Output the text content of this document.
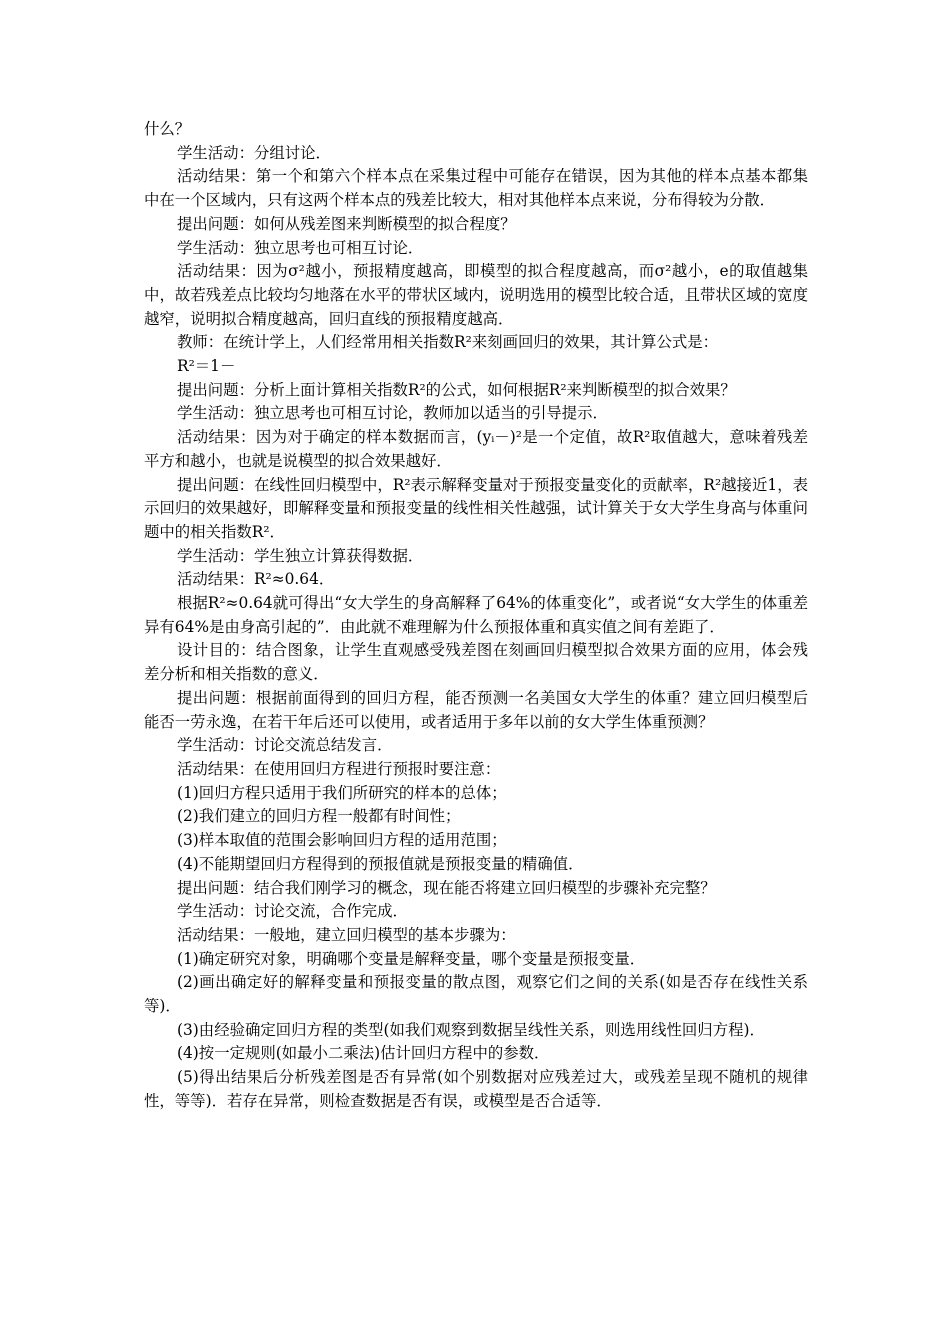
什么？

学生活动：分组讨论．

活动结果：第一个和第六个样本点在采集过程中可能存在错误，因为其他的样本点基本都集中在一个区域内，只有这两个样本点的残差比较大，相对其他样本点来说，分布得较为分散．

提出问题：如何从残差图来判断模型的拟合程度？

学生活动：独立思考也可相互讨论．

活动结果：因为σ²越小，预报精度越高，即模型的拟合程度越高，而σ²越小，e的取值越集中，故若残差点比较均匀地落在水平的带状区域内，说明选用的模型比较合适，且带状区域的宽度越窄，说明拟合精度越高，回归直线的预报精度越高．

教师：在统计学上，人们经常用相关指数R²来刻画回归的效果，其计算公式是：

R²＝1－

提出问题：分析上面计算相关指数R²的公式，如何根据R²来判断模型的拟合效果？

学生活动：独立思考也可相互讨论，教师加以适当的引导提示．

活动结果：因为对于确定的样本数据而言，(yᵢ－)²是一个定值，故R²取值越大，意味着残差平方和越小，也就是说模型的拟合效果越好．

提出问题：在线性回归模型中，R²表示解释变量对于预报变量变化的贡献率，R²越接近1，表示回归的效果越好，即解释变量和预报变量的线性相关性越强，试计算关于女大学生身高与体重问题中的相关指数R²．

学生活动：学生独立计算获得数据．

活动结果：R²≈0.64．

根据R²≈0.64就可得出“女大学生的身高解释了64%的体重变化”，或者说“女大学生的体重差异有64%是由身高引起的”．由此就不难理解为什么预报体重和真实值之间有差距了．

设计目的：结合图象，让学生直观感受残差图在刻画回归模型拟合效果方面的应用，体会残差分析和相关指数的意义．

提出问题：根据前面得到的回归方程，能否预测一名美国女大学生的体重？建立回归模型后能否一劳永逸，在若干年后还可以使用，或者适用于多年以前的女大学生体重预测？

学生活动：讨论交流总结发言．

活动结果：在使用回归方程进行预报时要注意：

(1)回归方程只适用于我们所研究的样本的总体；

(2)我们建立的回归方程一般都有时间性；

(3)样本取值的范围会影响回归方程的适用范围；

(4)不能期望回归方程得到的预报值就是预报变量的精确值．

提出问题：结合我们刚学习的概念，现在能否将建立回归模型的步骤补充完整？

学生活动：讨论交流，合作完成．

活动结果：一般地，建立回归模型的基本步骤为：

(1)确定研究对象，明确哪个变量是解释变量，哪个变量是预报变量．

(2)画出确定好的解释变量和预报变量的散点图，观察它们之间的关系(如是否存在线性关系等)．

(3)由经验确定回归方程的类型(如我们观察到数据呈线性关系，则选用线性回归方程)．

(4)按一定规则(如最小二乘法)估计回归方程中的参数．

(5)得出结果后分析残差图是否有异常(如个别数据对应残差过大，或残差呈现不随机的规律性，等等)．若存在异常，则检查数据是否有误，或模型是否合适等．
